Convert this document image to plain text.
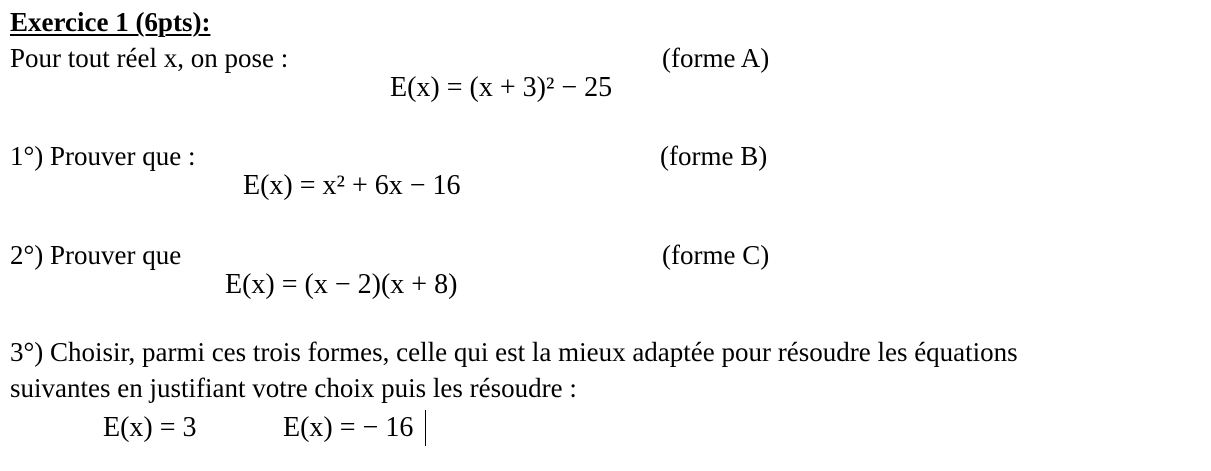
Exercice 1 (6pts):
Pour tout réel x, on pose :	(forme A)
E(x) = (x + 3)² − 25
1°) Prouver que :	(forme B)
E(x) = x² + 6x − 16
2°) Prouver que	(forme C)
E(x) = (x − 2)(x + 8)
3°) Choisir, parmi ces trois formes, celle qui est la mieux adaptée pour résoudre les équations
suivantes en justifiant votre choix puis les résoudre :
E(x) = 3	E(x) = − 16
